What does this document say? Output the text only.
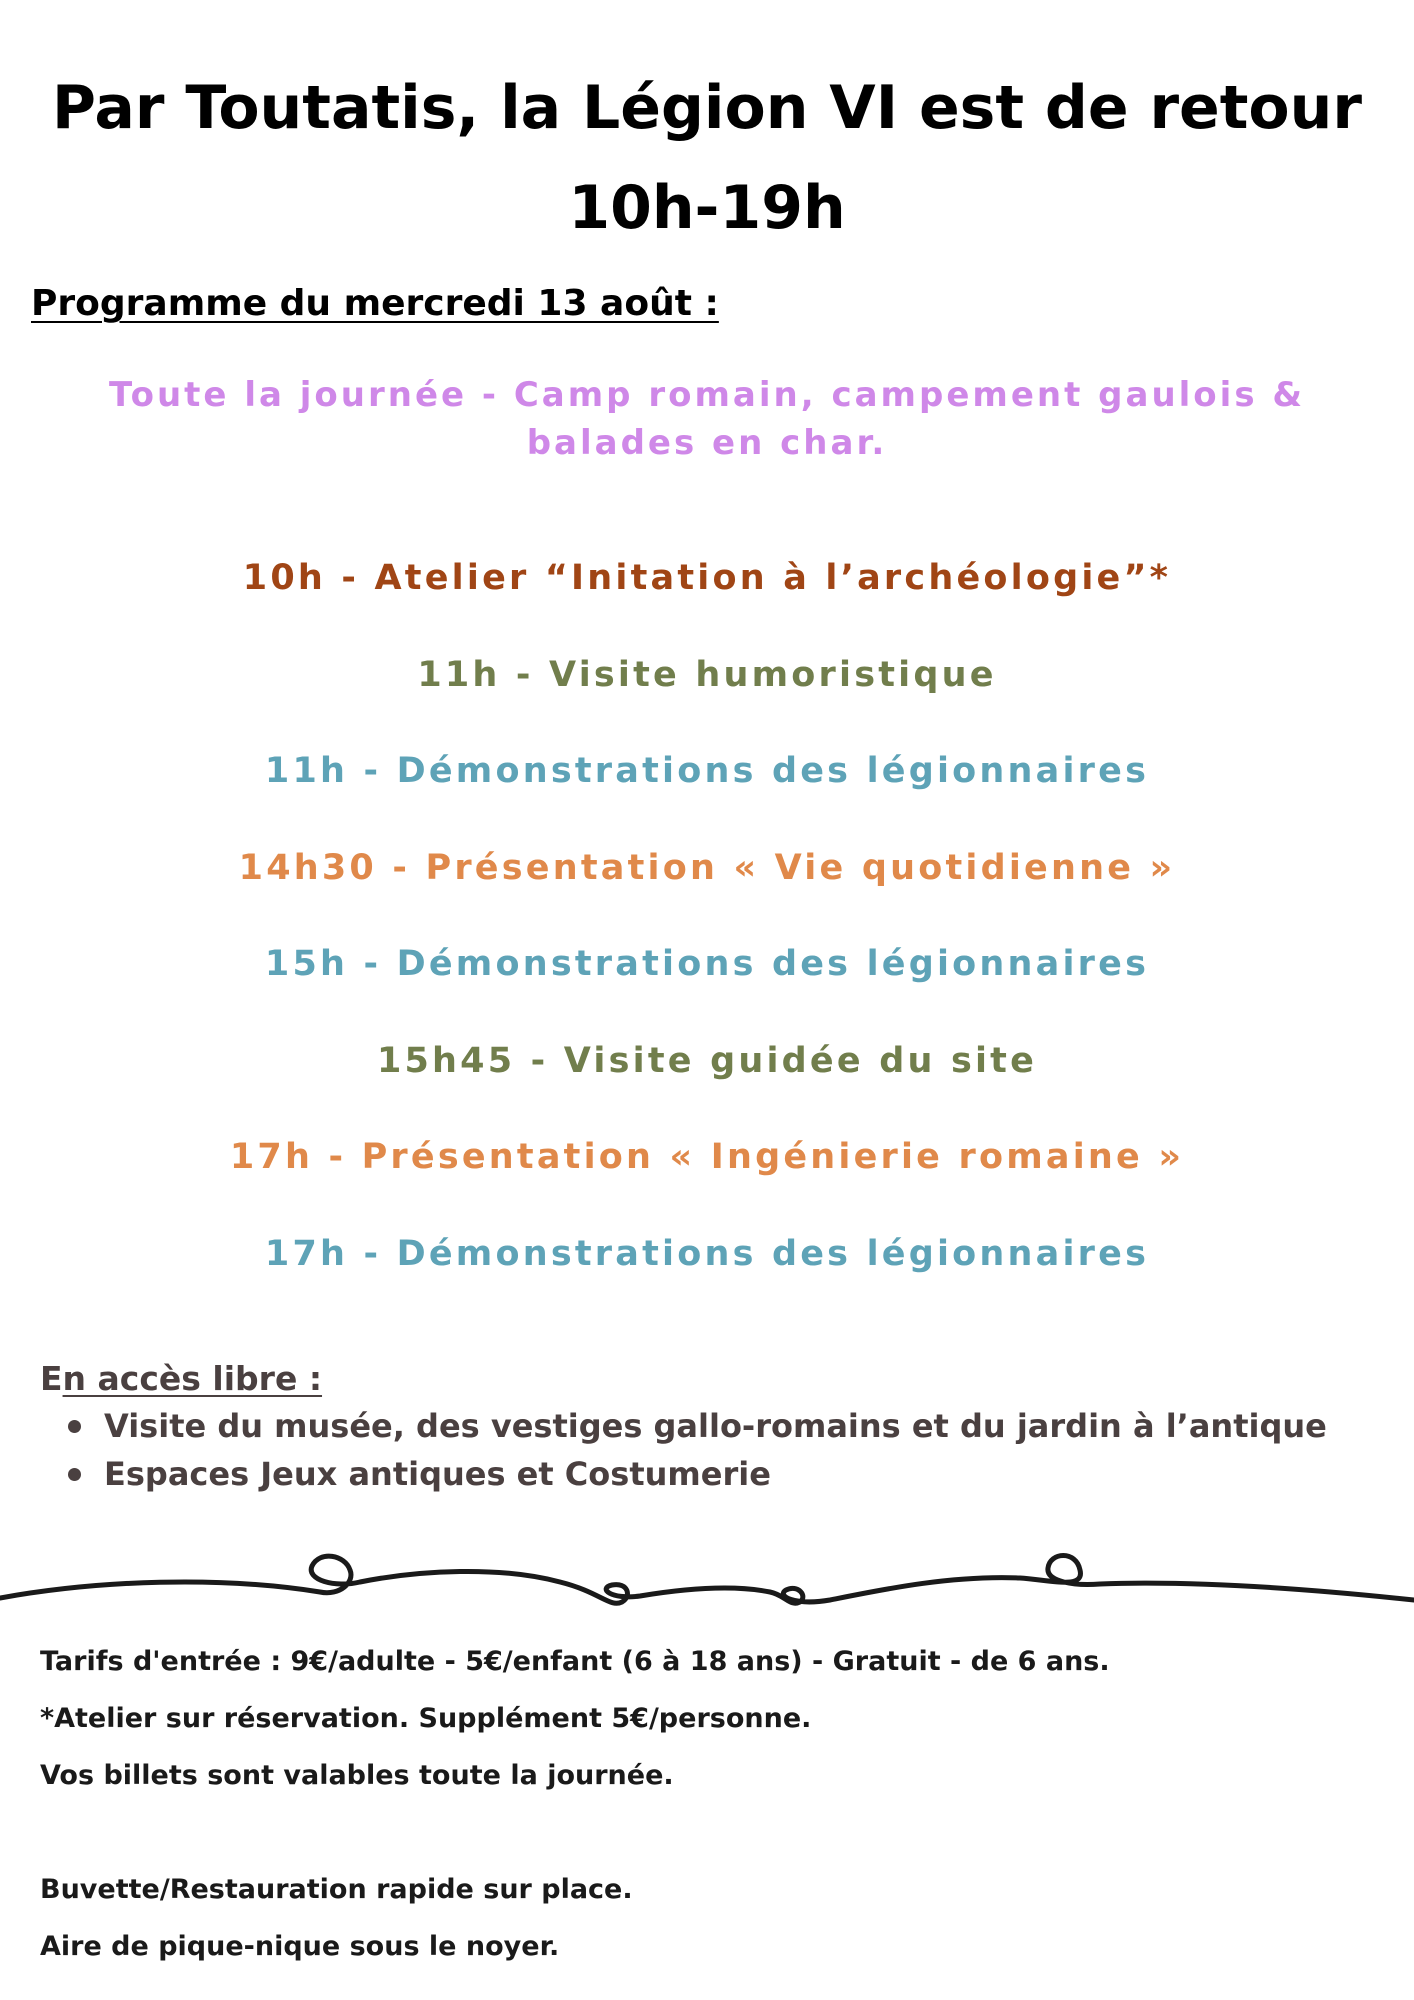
Par Toutatis, la Légion VI est de retour
10h-19h
Programme du mercredi 13 août :
Toute la journée - Camp romain, campement gaulois &
balades en char.
10h - Atelier “Initation à l’archéologie”*
11h - Visite humoristique
11h - Démonstrations des légionnaires
14h30 - Présentation « Vie quotidienne »
15h - Démonstrations des légionnaires
15h45 - Visite guidée du site
17h - Présentation « Ingénierie romaine »
17h - Démonstrations des légionnaires
En accès libre :
Visite du musée, des vestiges gallo-romains et du jardin à l’antique
Espaces Jeux antiques et Costumerie
Tarifs d'entrée : 9€/adulte - 5€/enfant (6 à 18 ans) - Gratuit - de 6 ans.
*Atelier sur réservation. Supplément 5€/personne.
Vos billets sont valables toute la journée.
Buvette/Restauration rapide sur place.
Aire de pique-nique sous le noyer.
